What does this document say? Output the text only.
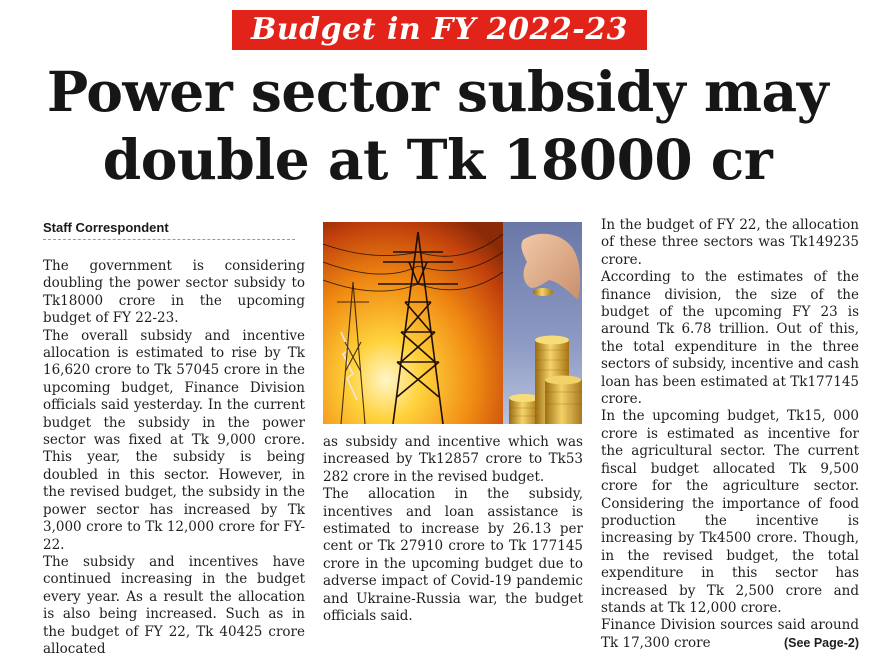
Budget in FY 2022-23
Power sector subsidy may
double at Tk 18000 cr
Staff Correspondent

The government is considering doubling the power sector subsidy to Tk18000 crore in the upcoming budget of FY 22-23.

The overall subsidy and incentive allocation is estimated to rise by Tk 16,620 crore to Tk 57045 crore in the upcoming budget, Finance Division officials said yesterday. In the current budget the subsidy in the power sector was fixed at Tk 9,000 crore. This year, the subsidy is being doubled in this sector. However, in the revised budget, the subsidy in the power sector has increased by Tk 3,000 crore to Tk 12,000 crore for FY-22.

The subsidy and incentives have continued increasing in the budget every year. As a result the allocation is also being increased. Such as in the budget of FY 22, Tk 40425 crore allocated

as subsidy and incentive which was increased by Tk12857 crore to Tk53 282 crore in the revised budget.

The allocation in the subsidy, incentives and loan assistance is estimated to increase by 26.13 per cent or Tk 27910 crore to Tk 177145 crore in the upcoming budget due to adverse impact of Covid-19 pandemic and Ukraine-Russia war, the budget officials said.

In the budget of FY 22, the allocation of these three sectors was Tk149235 crore.

According to the estimates of the finance division, the size of the budget of the upcoming FY 23 is around Tk 6.78 trillion. Out of this, the total expenditure in the three sectors of subsidy, incentive and cash loan has been estimated at Tk177145 crore.

In the upcoming budget, Tk15, 000 crore is estimated as incentive for the agricultural sector. The current fiscal budget allocated Tk 9,500 crore for the agriculture sector. Considering the importance of food production the incentive is increasing by Tk4500 crore. Though, in the revised budget, the total expenditure in this sector has increased by Tk 2,500 crore and stands at Tk 12,000 crore.

Finance Division sources said around Tk 17,300 crore	(See Page-2)
